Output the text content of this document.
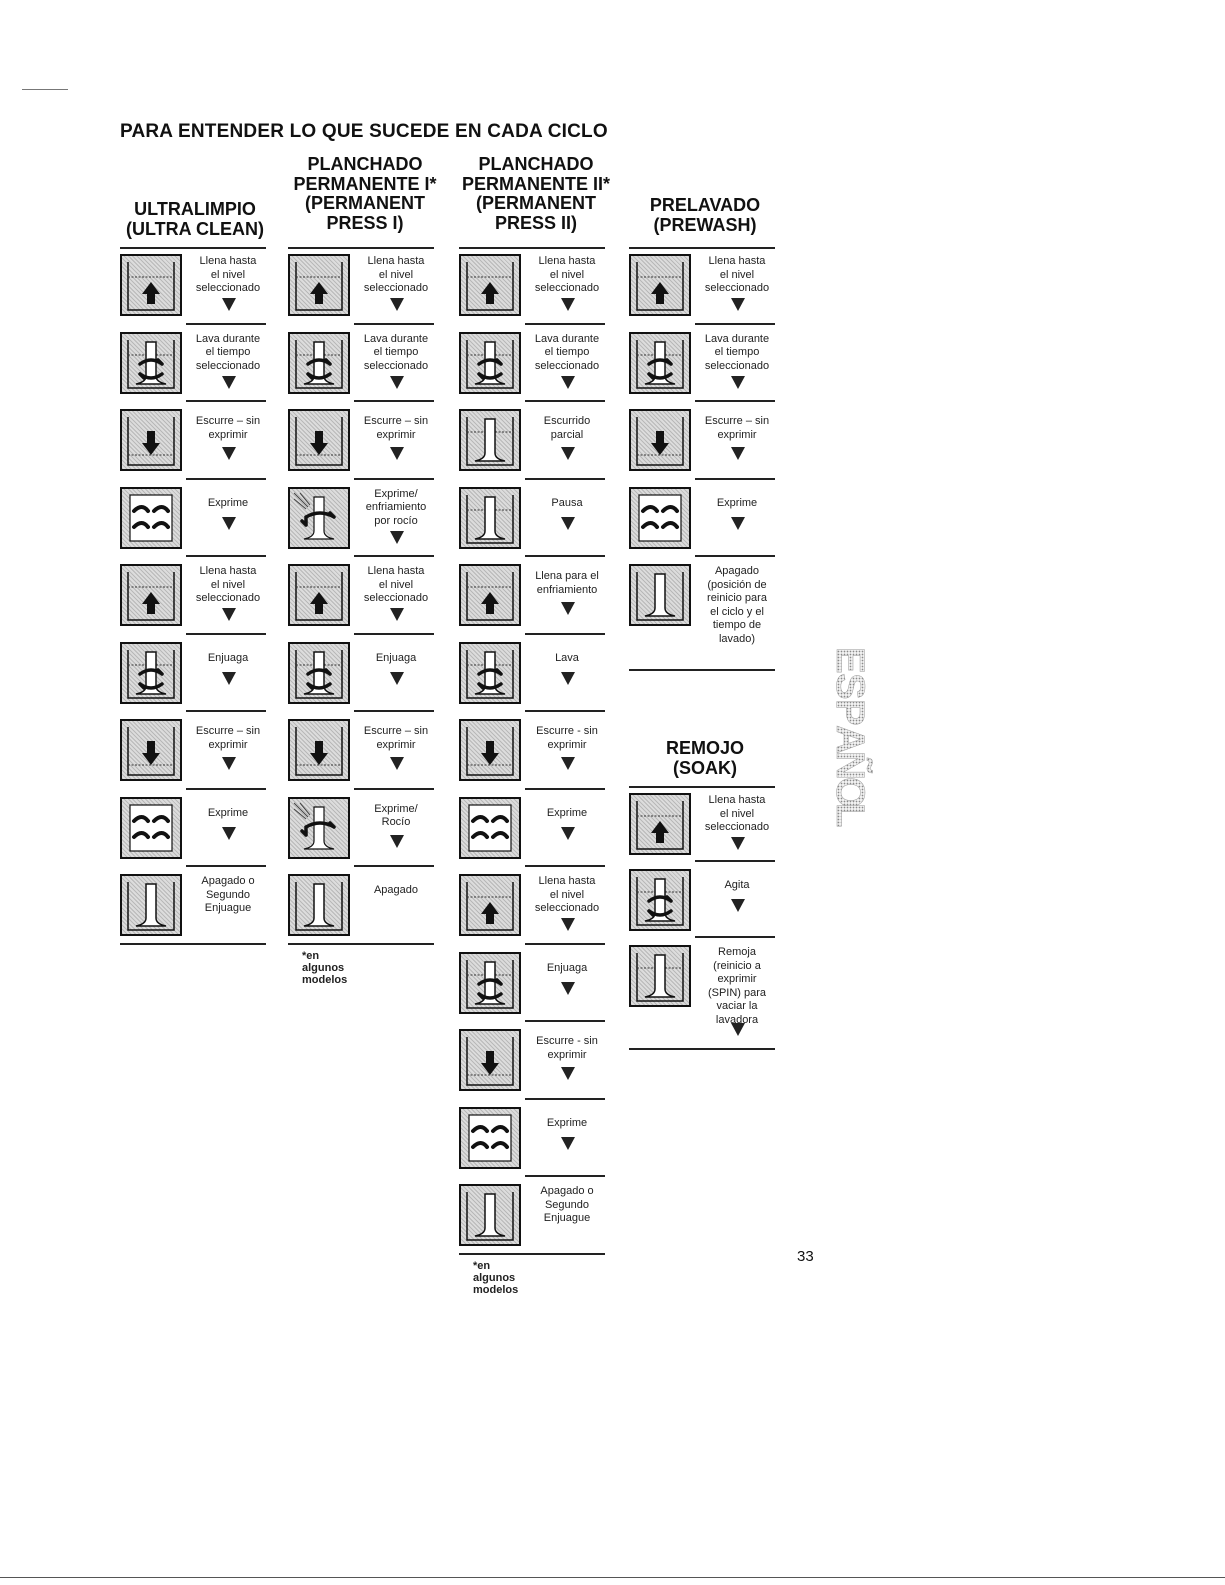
PARA ENTENDER LO QUE SUCEDE EN CADA CICLO
ULTRALIMPIO
(ULTRA CLEAN)
PLANCHADO
PERMANENTE I*
(PERMANENT
PRESS I)
PLANCHADO
PERMANENTE II*
(PERMANENT
PRESS II)
PRELAVADO
(PREWASH)
REMOJO
(SOAK)
Llena hasta
el nivel
seleccionado
Lava durante
el tiempo
seleccionado
Escurre – sin
exprimir
Exprime
Llena hasta
el nivel
seleccionado
Enjuaga
Escurre – sin
exprimir
Exprime
Apagado o
Segundo
Enjuague
Llena hasta
el nivel
seleccionado
Lava durante
el tiempo
seleccionado
Escurre – sin
exprimir
Exprime/
enfriamiento
por rocío
Llena hasta
el nivel
seleccionado
Enjuaga
Escurre – sin
exprimir
Exprime/
Rocío
Apagado
*en algunos modelos
Llena hasta
el nivel
seleccionado
Lava durante
el tiempo
seleccionado
Escurrido
parcial
Pausa
Llena para el
enfriamiento
Lava
Escurre - sin
exprimir
Exprime
Llena hasta
el nivel
seleccionado
Enjuaga
Escurre - sin
exprimir
Exprime
Apagado o
Segundo
Enjuague
*en algunos modelos
Llena hasta
el nivel
seleccionado
Lava durante
el tiempo
seleccionado
Escurre – sin
exprimir
Exprime
Apagado
(posición de
reinicio para
el ciclo y el
tiempo de
lavado)
Llena hasta
el nivel
seleccionado
Agita
Remoja
(reinicio a
exprimir
(SPIN) para
vaciar la
lavadora
ESPAÑOL
33
